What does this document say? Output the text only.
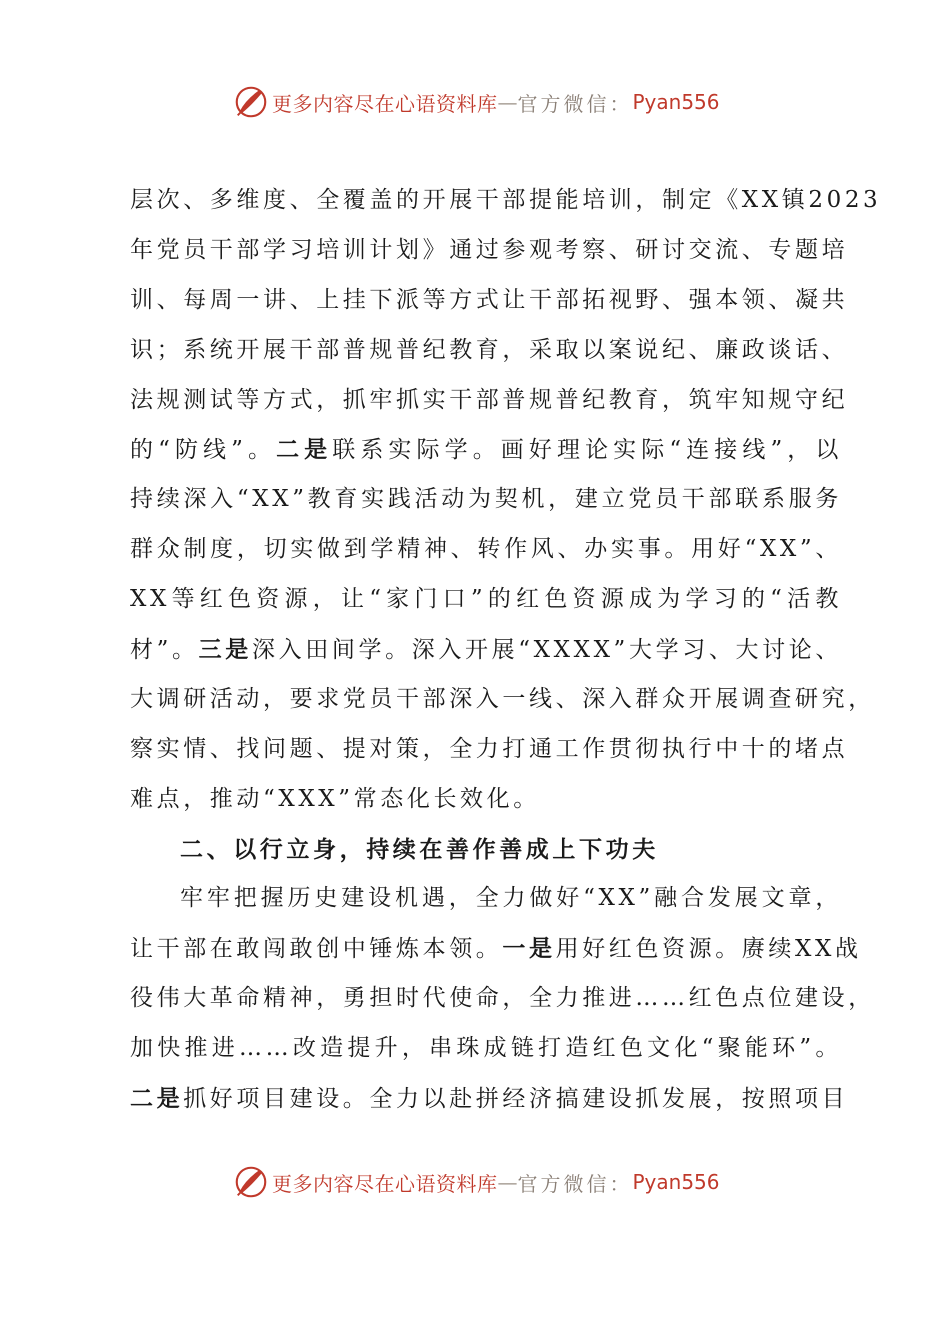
更多内容尽在心语资料库 — 官方微信： Pyan556
层次、多维度、全覆盖的开展干部提能培训，制定《XX镇2023
年党员干部学习培训计划》通过参观考察、研讨交流、专题培
训、每周一讲、上挂下派等方式让干部拓视野、强本领、凝共
识；系统开展干部普规普纪教育，采取以案说纪、廉政谈话、
法规测试等方式，抓牢抓实干部普规普纪教育，筑牢知规守纪
的“防线”。二是联系实际学。画好理论实际“连接线”，以
持续深入“XX”教育实践活动为契机，建立党员干部联系服务
群众制度，切实做到学精神、转作风、办实事。用好“XX”、
XX等红色资源，让“家门口”的红色资源成为学习的“活教
材”。三是深入田间学。深入开展“XXXX”大学习、大讨论、
大调研活动，要求党员干部深入一线、深入群众开展调查研究，
察实情、找问题、提对策，全力打通工作贯彻执行中十的堵点
难点，推动“XXX”常态化长效化。
二、以行立身，持续在善作善成上下功夫
牢牢把握历史建设机遇，全力做好“XX”融合发展文章，
让干部在敢闯敢创中锤炼本领。一是用好红色资源。赓续XX战
役伟大革命精神，勇担时代使命，全力推进……红色点位建设，
加快推进……改造提升，串珠成链打造红色文化“聚能环”。
二是抓好项目建设。全力以赴拼经济搞建设抓发展，按照项目
更多内容尽在心语资料库 — 官方微信： Pyan556
